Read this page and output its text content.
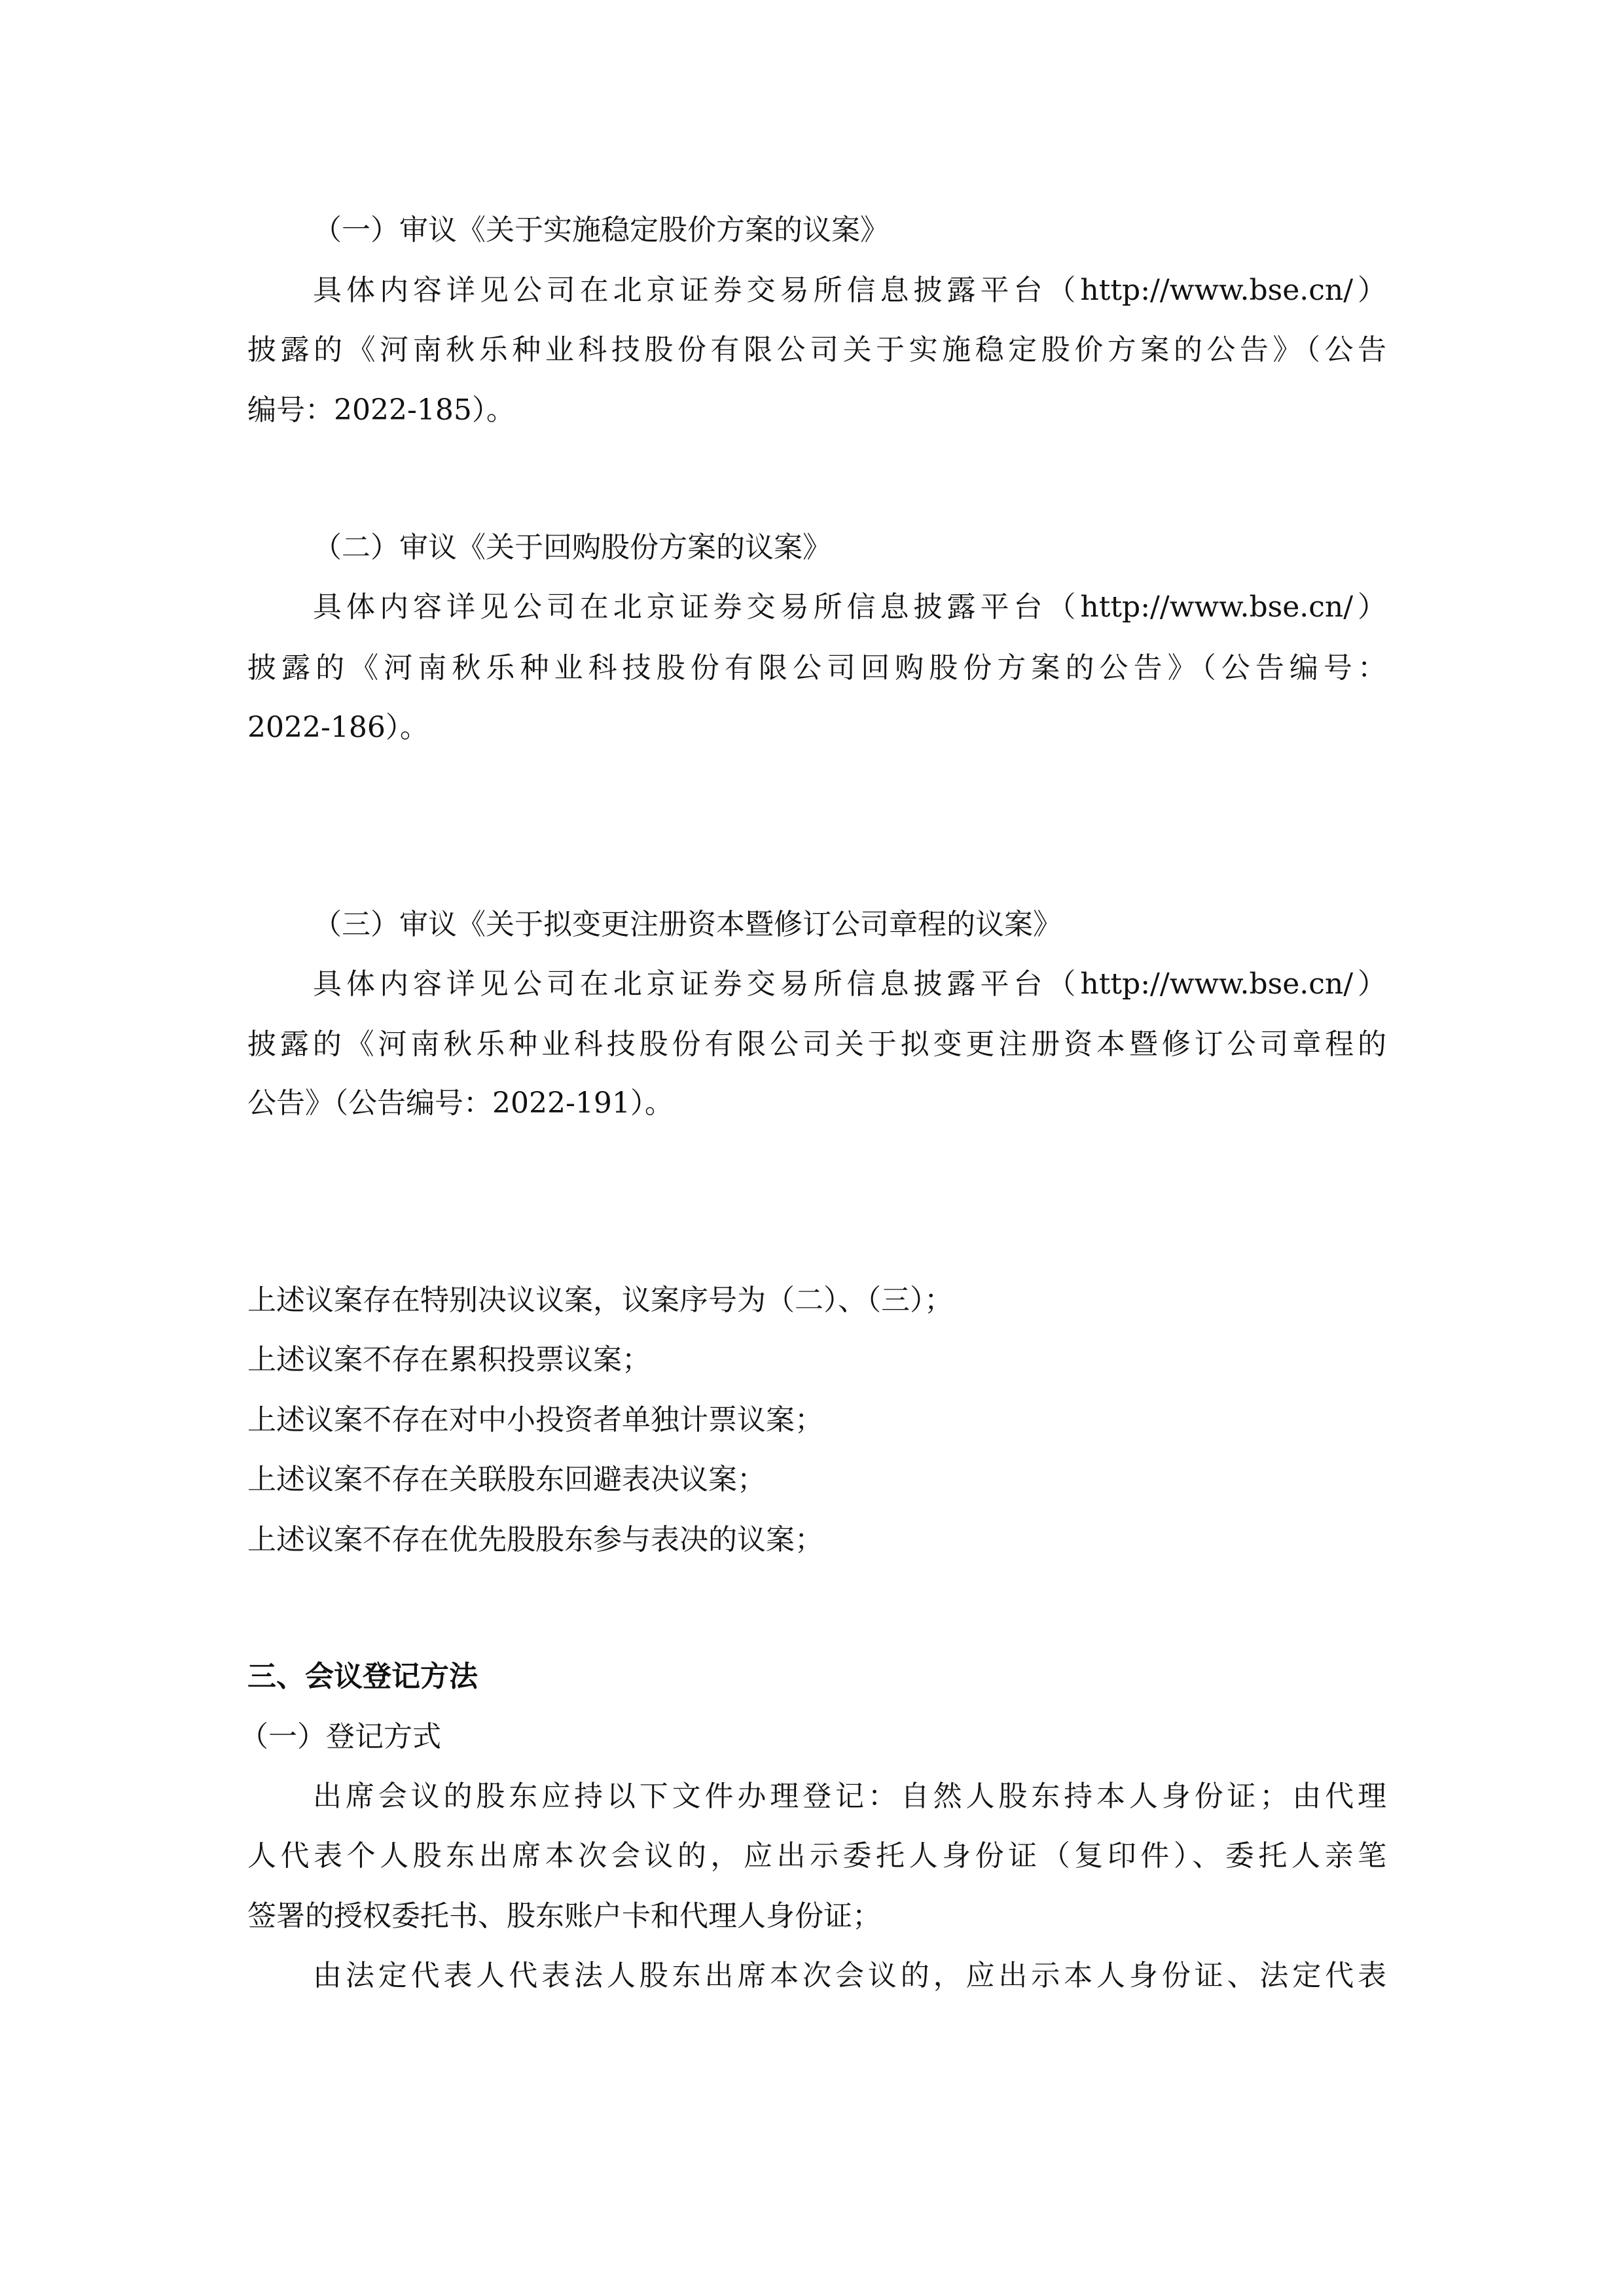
（一）审议《关于实施稳定股价方案的议案》
具体内容详见公司在北京证券交易所信息披露平台（http://www.bse.cn/）
披露的《河南秋乐种业科技股份有限公司关于实施稳定股价方案的公告》（公告
编号：2022-185）。
（二）审议《关于回购股份方案的议案》
具体内容详见公司在北京证券交易所信息披露平台（http://www.bse.cn/）
披露的《河南秋乐种业科技股份有限公司回购股份方案的公告》（公告编号：
2022-186）。
（三）审议《关于拟变更注册资本暨修订公司章程的议案》
具体内容详见公司在北京证券交易所信息披露平台（http://www.bse.cn/）
披露的《河南秋乐种业科技股份有限公司关于拟变更注册资本暨修订公司章程的
公告》（公告编号：2022-191）。
上述议案存在特别决议议案，议案序号为（二）、（三）；
上述议案不存在累积投票议案；
上述议案不存在对中小投资者单独计票议案；
上述议案不存在关联股东回避表决议案；
上述议案不存在优先股股东参与表决的议案；
三、会议登记方法
（一）登记方式
出席会议的股东应持以下文件办理登记：自然人股东持本人身份证；由代理
人代表个人股东出席本次会议的，应出示委托人身份证（复印件）、委托人亲笔
签署的授权委托书、股东账户卡和代理人身份证；
由法定代表人代表法人股东出席本次会议的，应出示本人身份证、法定代表
